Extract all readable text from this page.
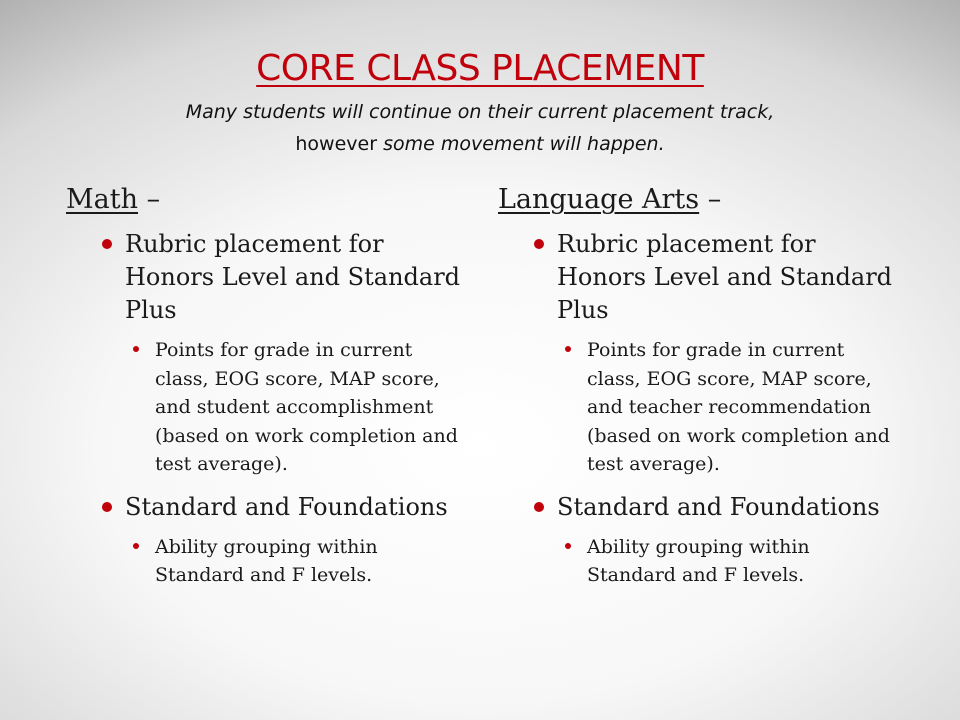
CORE CLASS PLACEMENT
Many students will continue on their current placement track,
however some movement will happen.
Math –
Rubric placement for Honors Level and Standard Plus
Points for grade in current class, EOG score, MAP score, and student accomplishment (based on work completion and test average).
Standard and Foundations
Ability grouping within Standard and F levels.
Language Arts –
Rubric placement for Honors Level and Standard Plus
Points for grade in current class, EOG score, MAP score, and teacher recommendation (based on work completion and test average).
Standard and Foundations
Ability grouping within Standard and F levels.
